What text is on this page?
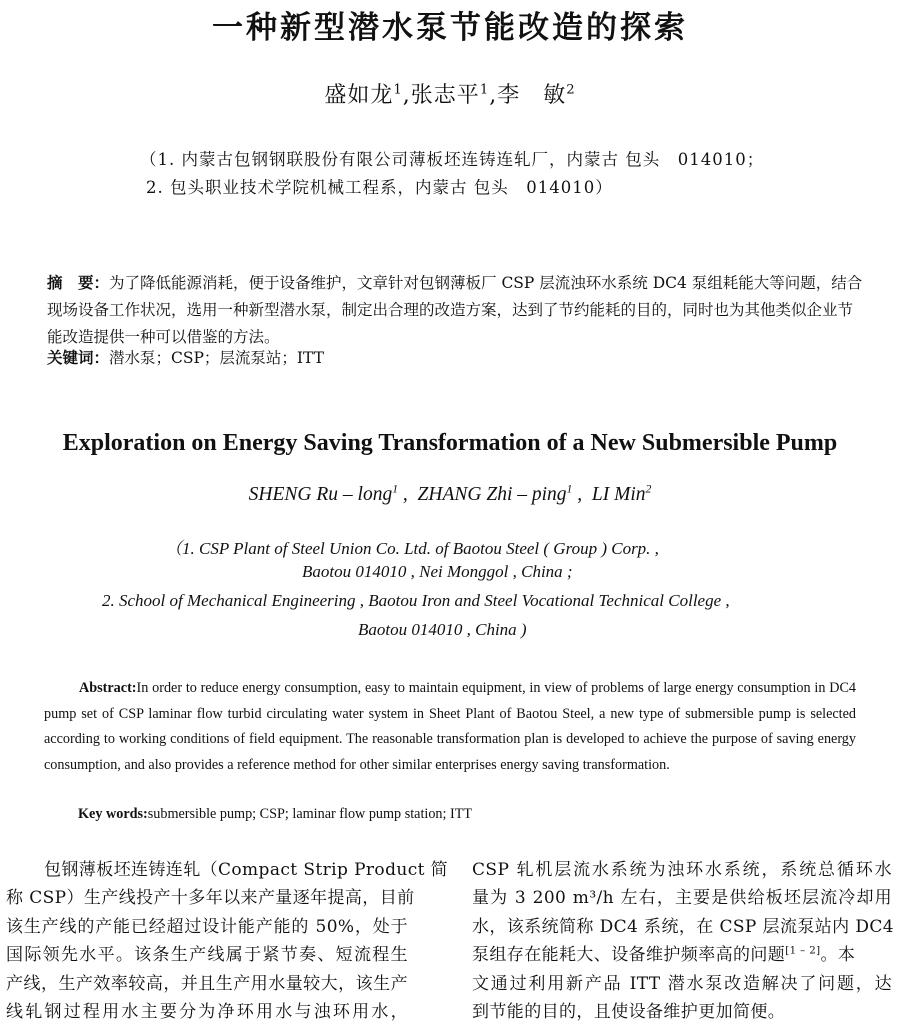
一种新型潜水泵节能改造的探索
盛如龙$^1$,张志平$^1$,李　敏$^2$
（1. 内蒙古包钢钢联股份有限公司薄板坯连铸连轧厂，内蒙古 包头　014010；
2. 包头职业技术学院机械工程系，内蒙古 包头　014010）

摘　要：为了降低能源消耗，便于设备维护，文章针对包钢薄板厂 CSP 层流浊环水系统 DC4 泵组耗能大等问题，结合现场设备工作状况，选用一种新型潜水泵，制定出合理的改造方案，达到了节约能耗的目的，同时也为其他类似企业节能改造提供一种可以借鉴的方法。

关键词：潜水泵；CSP；层流泵站；ITT
Exploration on Energy Saving Transformation of a New Submersible Pump
SHENG Ru – long$^1$ ,  ZHANG Zhi – ping$^1$ ,  LI Min$^2$
（1. CSP Plant of Steel Union Co. Ltd. of Baotou Steel ( Group ) Corp. ,
Baotou 014010 , Nei Monggol , China ;
2. School of Mechanical Engineering , Baotou Iron and Steel Vocational Technical College ,
Baotou 014010 , China )
Abstract:In order to reduce energy consumption, easy to maintain equipment, in view of problems of large energy consumption in DC4 pump set of CSP laminar flow turbid circulating water system in Sheet Plant of Baotou Steel, a new type of submersible pump is selected according to working conditions of field equipment. The reasonable transformation plan is developed to achieve the purpose of saving energy consumption, and also provides a reference method for other similar enterprises energy saving transformation.
Key words:submersible pump; CSP; laminar flow pump station; ITT
包钢薄板坯连铸连轧（Compact Strip Product 简
称 CSP）生产线投产十多年以来产量逐年提高，目前
该生产线的产能已经超过设计能产能的 50%，处于
国际领先水平。该条生产线属于紧节奏、短流程生
产线，生产效率较高，并且生产用水量较大，该生产
线轧钢过程用水主要分为净环用水与浊环用水，
CSP 轧机层流水系统为浊环水系统，系统总循环水
量为 3 200 m³/h 左右，主要是供给板坯层流冷却用
水，该系统简称 DC4 系统，在 CSP 层流泵站内 DC4
泵组存在能耗大、设备维护频率高的问题[1 – 2]。本
文通过利用新产品 ITT 潜水泵改造解决了问题，达
到节能的目的，且使设备维护更加简便。
